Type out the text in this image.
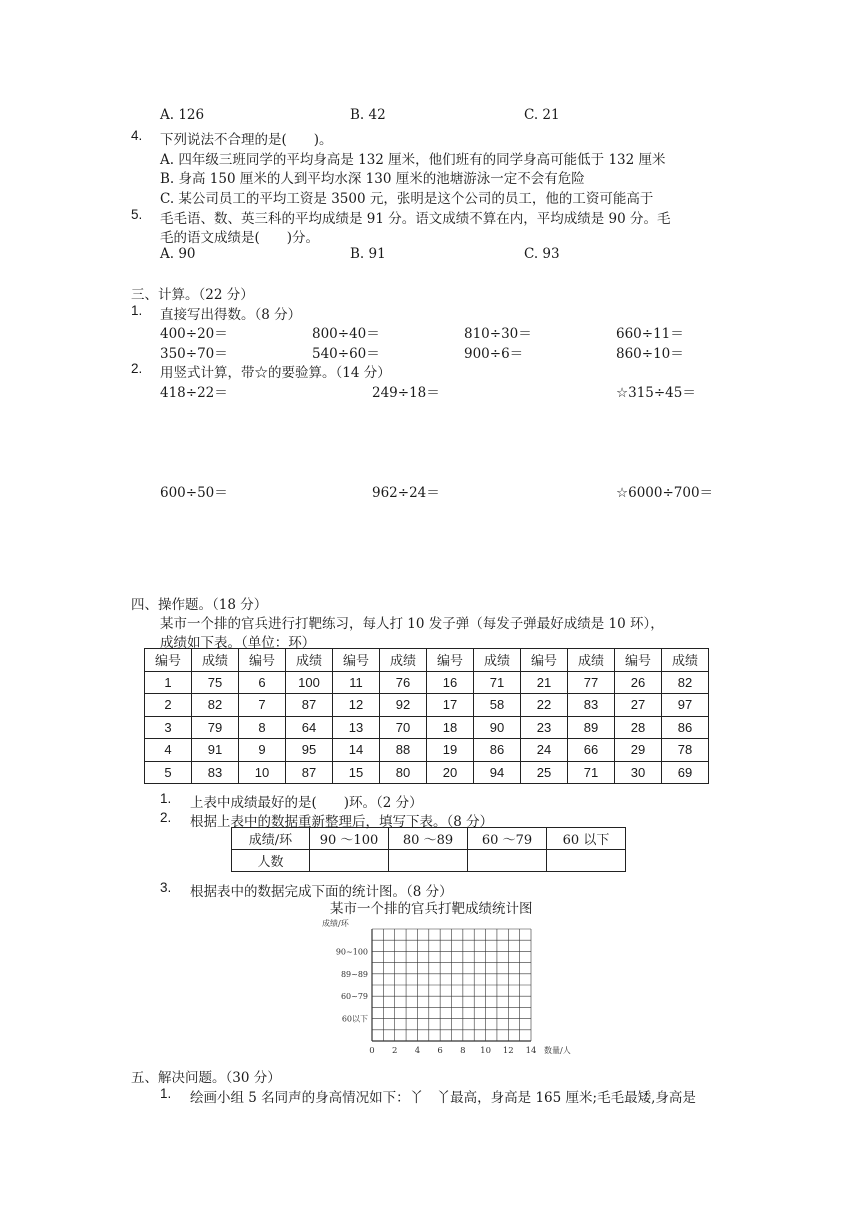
A. 126	B. 42	C. 21
4. 下列说法不合理的是(　　)。
A. 四年级三班同学的平均身高是 132 厘米，他们班有的同学身高可能低于 132 厘米
B. 身高 150 厘米的人到平均水深 130 厘米的池塘游泳一定不会有危险
C. 某公司员工的平均工资是 3500 元，张明是这个公司的员工，他的工资可能高于
5. 毛毛语、数、英三科的平均成绩是 91 分。语文成绩不算在内，平均成绩是 90 分。毛
毛的语文成绩是(　　)分。
A. 90	B. 91	C. 93
三、计算。（22 分）
1. 直接写出得数。（8 分）
400÷20＝	800÷40＝	810÷30＝	660÷11＝
350÷70＝	540÷60＝	900÷6＝	860÷10＝
2. 用竖式计算，带☆的要验算。（14 分）
418÷22＝	249÷18＝	☆315÷45＝
600÷50＝	962÷24＝	☆6000÷700＝
四、操作题。（18 分）
某市一个排的官兵进行打靶练习，每人打 10 发子弹（每发子弹最好成绩是 10 环），
成绩如下表。（单位：环）
编号	成绩	编号	成绩	编号	成绩	编号	成绩	编号	成绩	编号	成绩
1	75	6	100	11	76	16	71	21	77	26	82
2	82	7	87	12	92	17	58	22	83	27	97
3	79	8	64	13	70	18	90	23	89	28	86
4	91	9	95	14	88	19	86	24	66	29	78
5	83	10	87	15	80	20	94	25	71	30	69
1. 上表中成绩最好的是(　　)环。（2 分）
2. 根据上表中的数据重新整理后，填写下表。（8 分）
成绩/环	90 ～100	80 ～89	60 ～79	60 以下
人数				
3. 根据表中的数据完成下面的统计图。（8 分）
某市一个排的官兵打靶成绩统计图
成绩/环
90~100
89~89
60~79
60以下
0 2 4 6 8 10 12 14 数量/人
五、解决问题。（30 分）
1. 绘画小组 5 名同声的身高情况如下：丫　丫最高，身高是 165 厘米;毛毛最矮,身高是
